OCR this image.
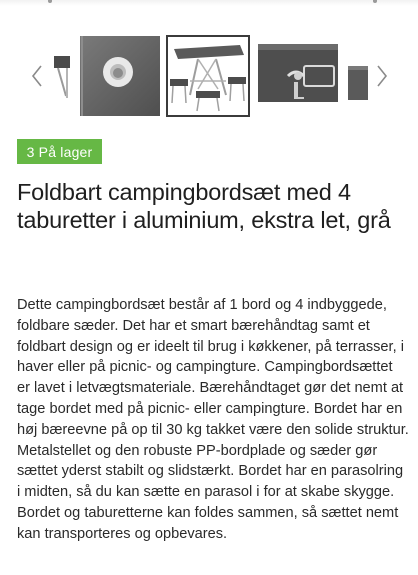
3 På lager
Foldbart campingbordsæt med 4 taburetter i aluminium, ekstra let, grå

Dette campingbordsæt består af 1 bord og 4 indbyggede, foldbare sæder. Det har et smart bærehåndtag samt et foldbart design og er ideelt til brug i køkkener, på terrasser, i haver eller på picnic- og campingture. Campingbordsættet er lavet i letvægtsmateriale. Bærehåndtaget gør det nemt at tage bordet med på picnic- eller campingture. Bordet har en høj bæreevne på op til 30 kg takket være den solide struktur. Metalstellet og den robuste PP-bordplade og sæder gør sættet yderst stabilt og slidstærkt. Bordet har en parasolring i midten, så du kan sætte en parasol i for at skabe skygge. Bordet og taburetterne kan foldes sammen, så sættet nemt kan transporteres og opbevares.
